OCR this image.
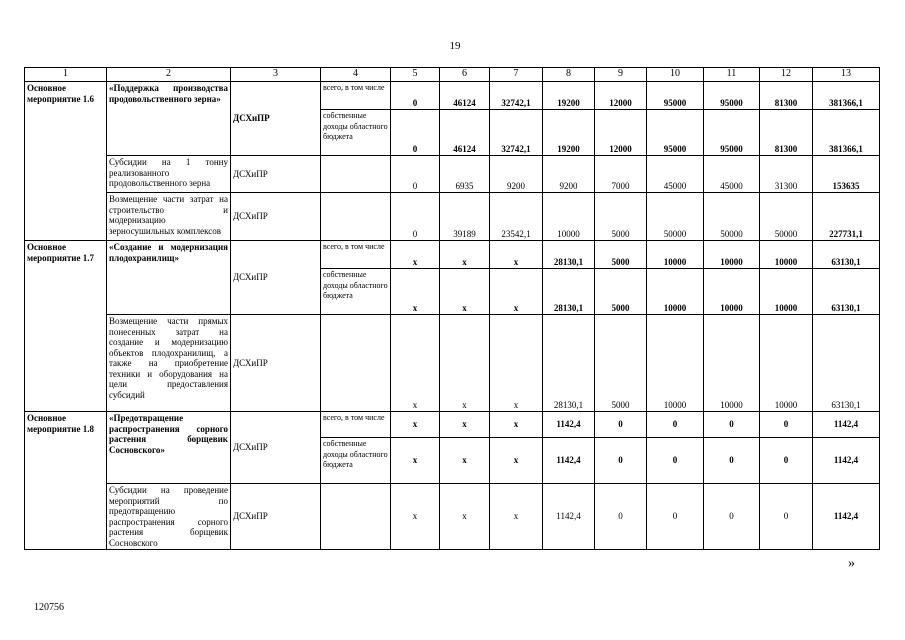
19
1	2	3	4	5	6	7	8	9	10	11	12	13
Основное мероприятие 1.6	«Поддержка производства продовольственного зерна»	ДСХиПР	всего, в том числе	0	46124	32742,1	19200	12000	95000	95000	81300	381366,1
			собственные доходы областного бюджета	0	46124	32742,1	19200	12000	95000	95000	81300	381366,1
	Субсидии на 1 тонну реализованного продовольственного зерна	ДСХиПР		0	6935	9200	9200	7000	45000	45000	31300	153635
	Возмещение части затрат на строительство и модернизацию зерносушильных комплексов	ДСХиПР		0	39189	23542,1	10000	5000	50000	50000	50000	227731,1
Основное мероприятие 1.7	«Создание и модернизация плодохранилищ»	ДСХиПР	всего, в том числе	x	x	x	28130,1	5000	10000	10000	10000	63130,1
			собственные доходы областного бюджета	x	x	x	28130,1	5000	10000	10000	10000	63130,1
	Возмещение части прямых понесенных затрат на создание и модернизацию объектов плодохранилищ, а также на приобретение техники и оборудования на цели предоставления субсидий	ДСХиПР		x	x	x	28130,1	5000	10000	10000	10000	63130,1
Основное мероприятие 1.8	«Предотвращение распространения сорного растения борщевик Сосновского»	ДСХиПР	всего, в том числе	x	x	x	1142,4	0	0	0	0	1142,4
			собственные доходы областного бюджета	x	x	x	1142,4	0	0	0	0	1142,4
	Субсидии на проведение мероприятий по предотвращению распространения сорного растения борщевик Сосновского	ДСХиПР		x	x	x	1142,4	0	0	0	0	1142,4
»
120756
